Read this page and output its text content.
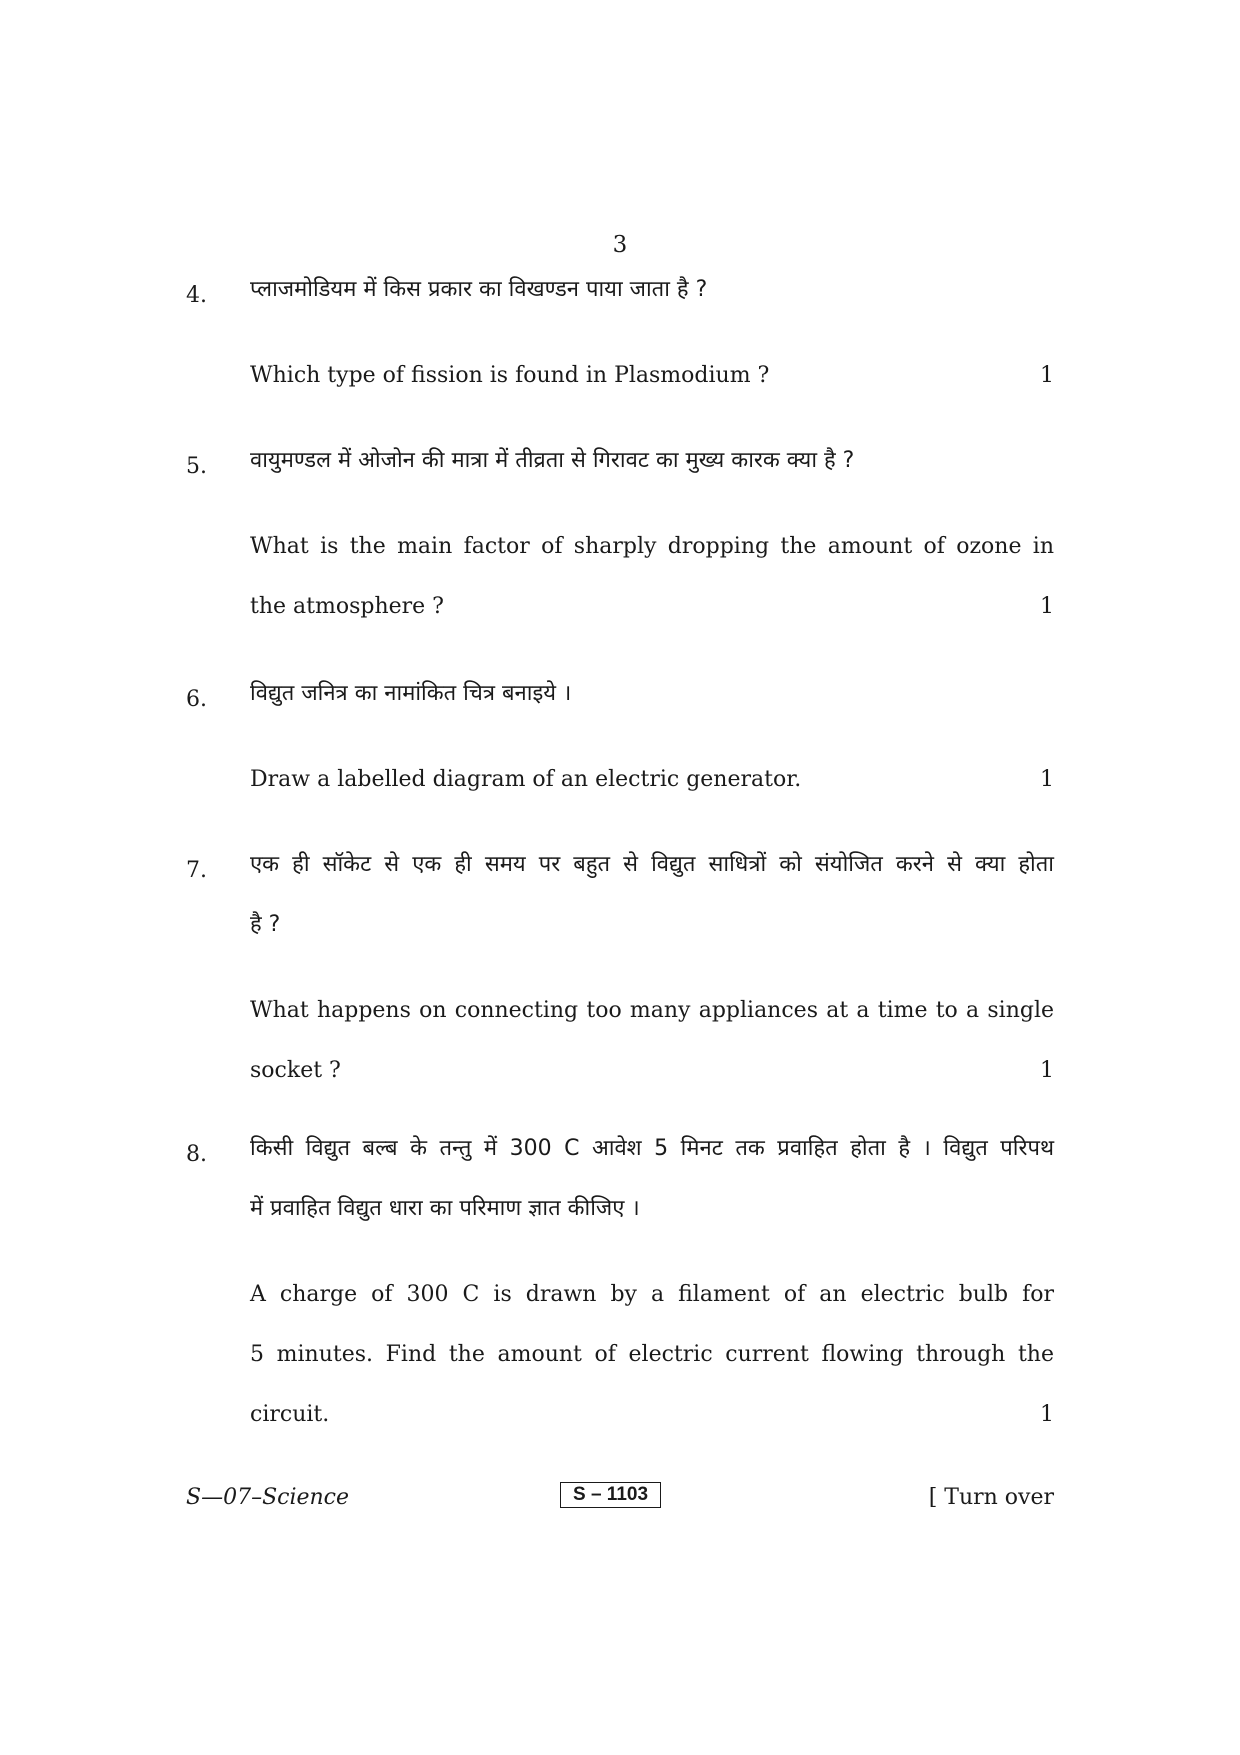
3
4. प्लाजमोडियम में किस प्रकार का विखण्डन पाया जाता है ?
Which type of fission is found in Plasmodium ?	1
5. वायुमण्डल में ओजोन की मात्रा में तीव्रता से गिरावट का मुख्य कारक क्या है ?
What is the main factor of sharply dropping the amount of ozone in
the atmosphere ?	1
6. विद्युत जनित्र का नामांकित चित्र बनाइये ।
Draw a labelled diagram of an electric generator.	1
7. एक ही सॉकेट से एक ही समय पर बहुत से विद्युत साधित्रों को संयोजित करने से क्या होता
है ?
What happens on connecting too many appliances at a time to a single
socket ?	1
8. किसी विद्युत बल्ब के तन्तु में 300 C आवेश 5 मिनट तक प्रवाहित होता है । विद्युत परिपथ
में प्रवाहित विद्युत धारा का परिमाण ज्ञात कीजिए ।
A charge of 300 C is drawn by a filament of an electric bulb for
5 minutes. Find the amount of electric current flowing through the
circuit.	1
S—07–Science	S – 1103	[ Turn over
